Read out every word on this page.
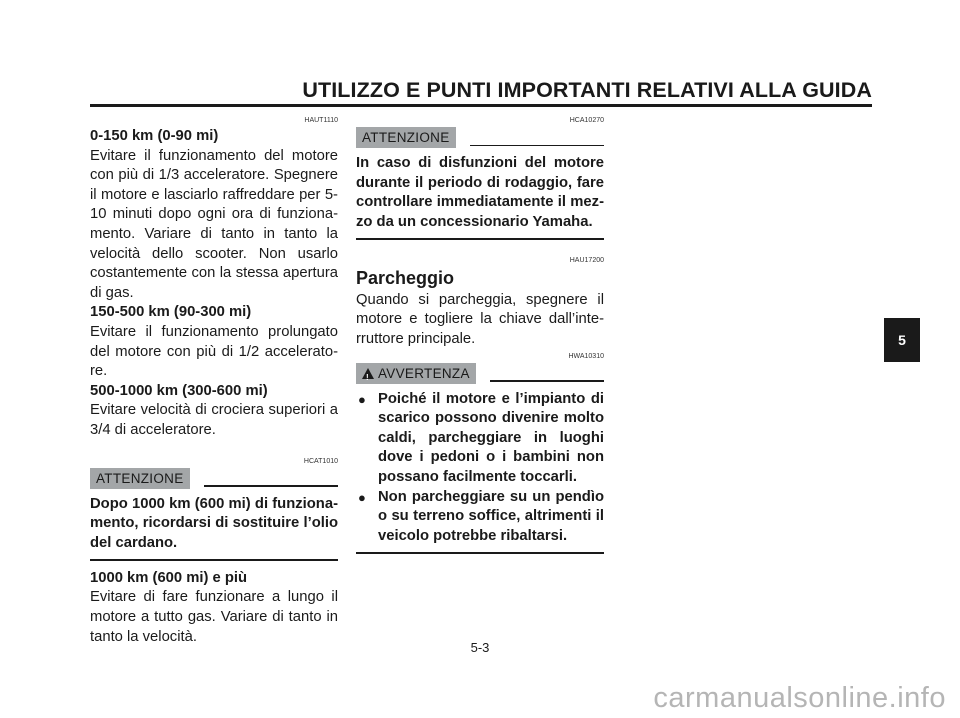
UTILIZZO E PUNTI IMPORTANTI RELATIVI ALLA GUIDA
HAUT1110

0-150 km (0-90 mi)

Evitare il funzionamento del motore con più di 1/3 acceleratore. Spegnere il motore e lasciarlo raffreddare per 5-10 minuti dopo ogni ora di funziona-mento. Variare di tanto in tanto la velocità dello scooter. Non usarlo costantemente con la stessa apertura di gas.

150-500 km (90-300 mi)

Evitare il funzionamento prolungato del motore con più di 1/2 accelerato-re.

500-1000 km (300-600 mi)

Evitare velocità di crociera superiori a 3/4 di acceleratore.

HCAT1010
ATTENZIONE

Dopo 1000 km (600 mi) di funziona-mento, ricordarsi di sostituire l’olio del cardano.

1000 km (600 mi) e più

Evitare di fare funzionare a lungo il motore a tutto gas. Variare di tanto in tanto la velocità.

HCA10270
ATTENZIONE

In caso di disfunzioni del motore durante il periodo di rodaggio, fare controllare immediatamente il mez-zo da un concessionario Yamaha.

HAU17200

Parcheggio

Quando si parcheggia, spegnere il motore e togliere la chiave dall’inte-rruttore principale.

HWA10310
!
AVVERTENZA
● Poiché il motore e l’impianto di scarico possono divenire molto caldi, parcheggiare in luoghi dove i pedoni o i bambini non possano facilmente toccarli.
● Non parcheggiare su un pendìo o su terreno soffice, altrimenti il veicolo potrebbe ribaltarsi.
5-3
5
carmanualsonline.info
